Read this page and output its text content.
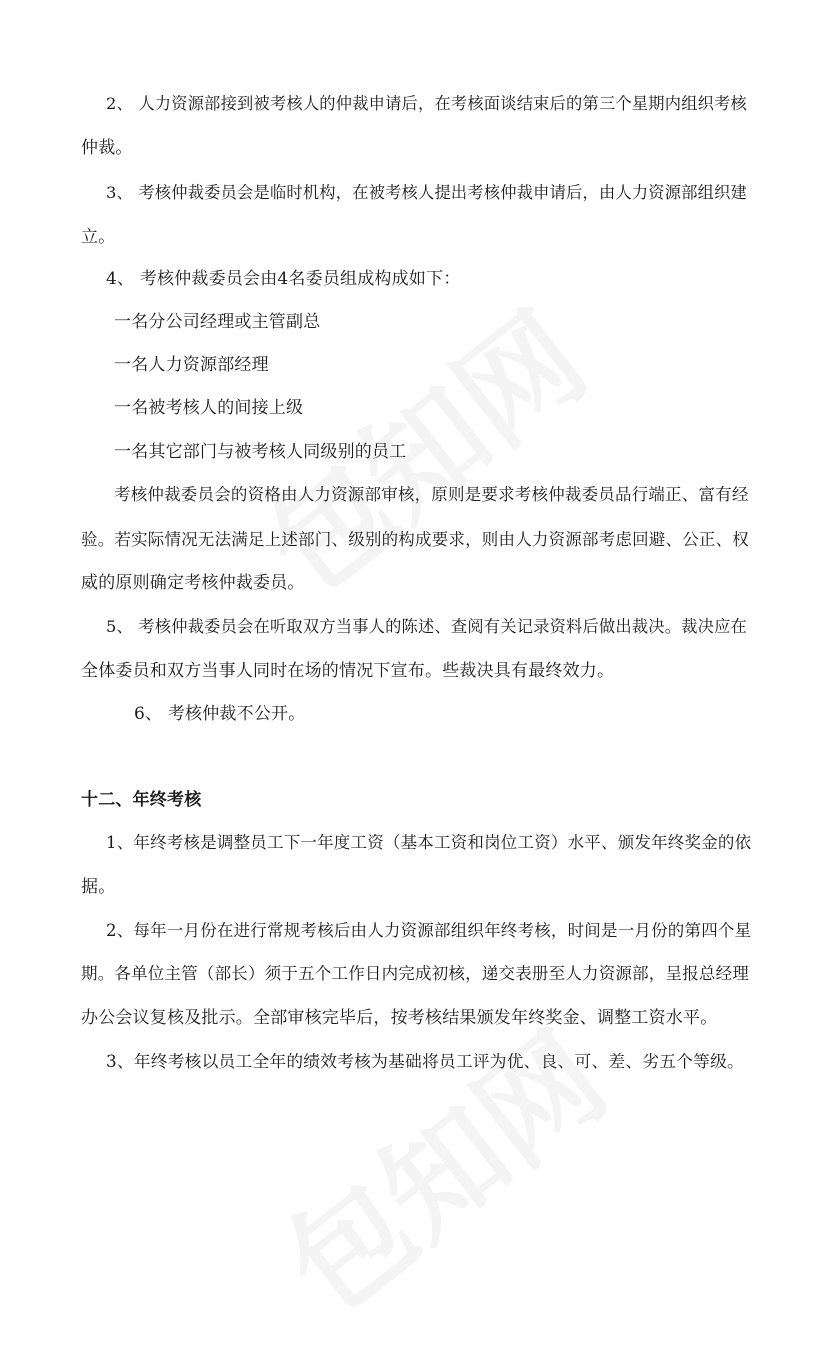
2、 人力资源部接到被考核人的仲裁申请后，在考核面谈结束后的第三个星期内组织考核
仲裁。
3、 考核仲裁委员会是临时机构，在被考核人提出考核仲裁申请后，由人力资源部组织建
立。
4、 考核仲裁委员会由4名委员组成构成如下：
一名分公司经理或主管副总
一名人力资源部经理
一名被考核人的间接上级
一名其它部门与被考核人同级别的员工
考核仲裁委员会的资格由人力资源部审核，原则是要求考核仲裁委员品行端正、富有经
验。若实际情况无法满足上述部门、级别的构成要求，则由人力资源部考虑回避、公正、权
威的原则确定考核仲裁委员。
5、 考核仲裁委员会在听取双方当事人的陈述、查阅有关记录资料后做出裁决。裁决应在
全体委员和双方当事人同时在场的情况下宣布。些裁决具有最终效力。
6、 考核仲裁不公开。
十二、年终考核
1、年终考核是调整员工下一年度工资（基本工资和岗位工资）水平、颁发年终奖金的依
据。
2、每年一月份在进行常规考核后由人力资源部组织年终考核，时间是一月份的第四个星
期。各单位主管（部长）须于五个工作日内完成初核，递交表册至人力资源部，呈报总经理
办公会议复核及批示。全部审核完毕后，按考核结果颁发年终奖金、调整工资水平。
3、年终考核以员工全年的绩效考核为基础将员工评为优、良、可、差、劣五个等级。
